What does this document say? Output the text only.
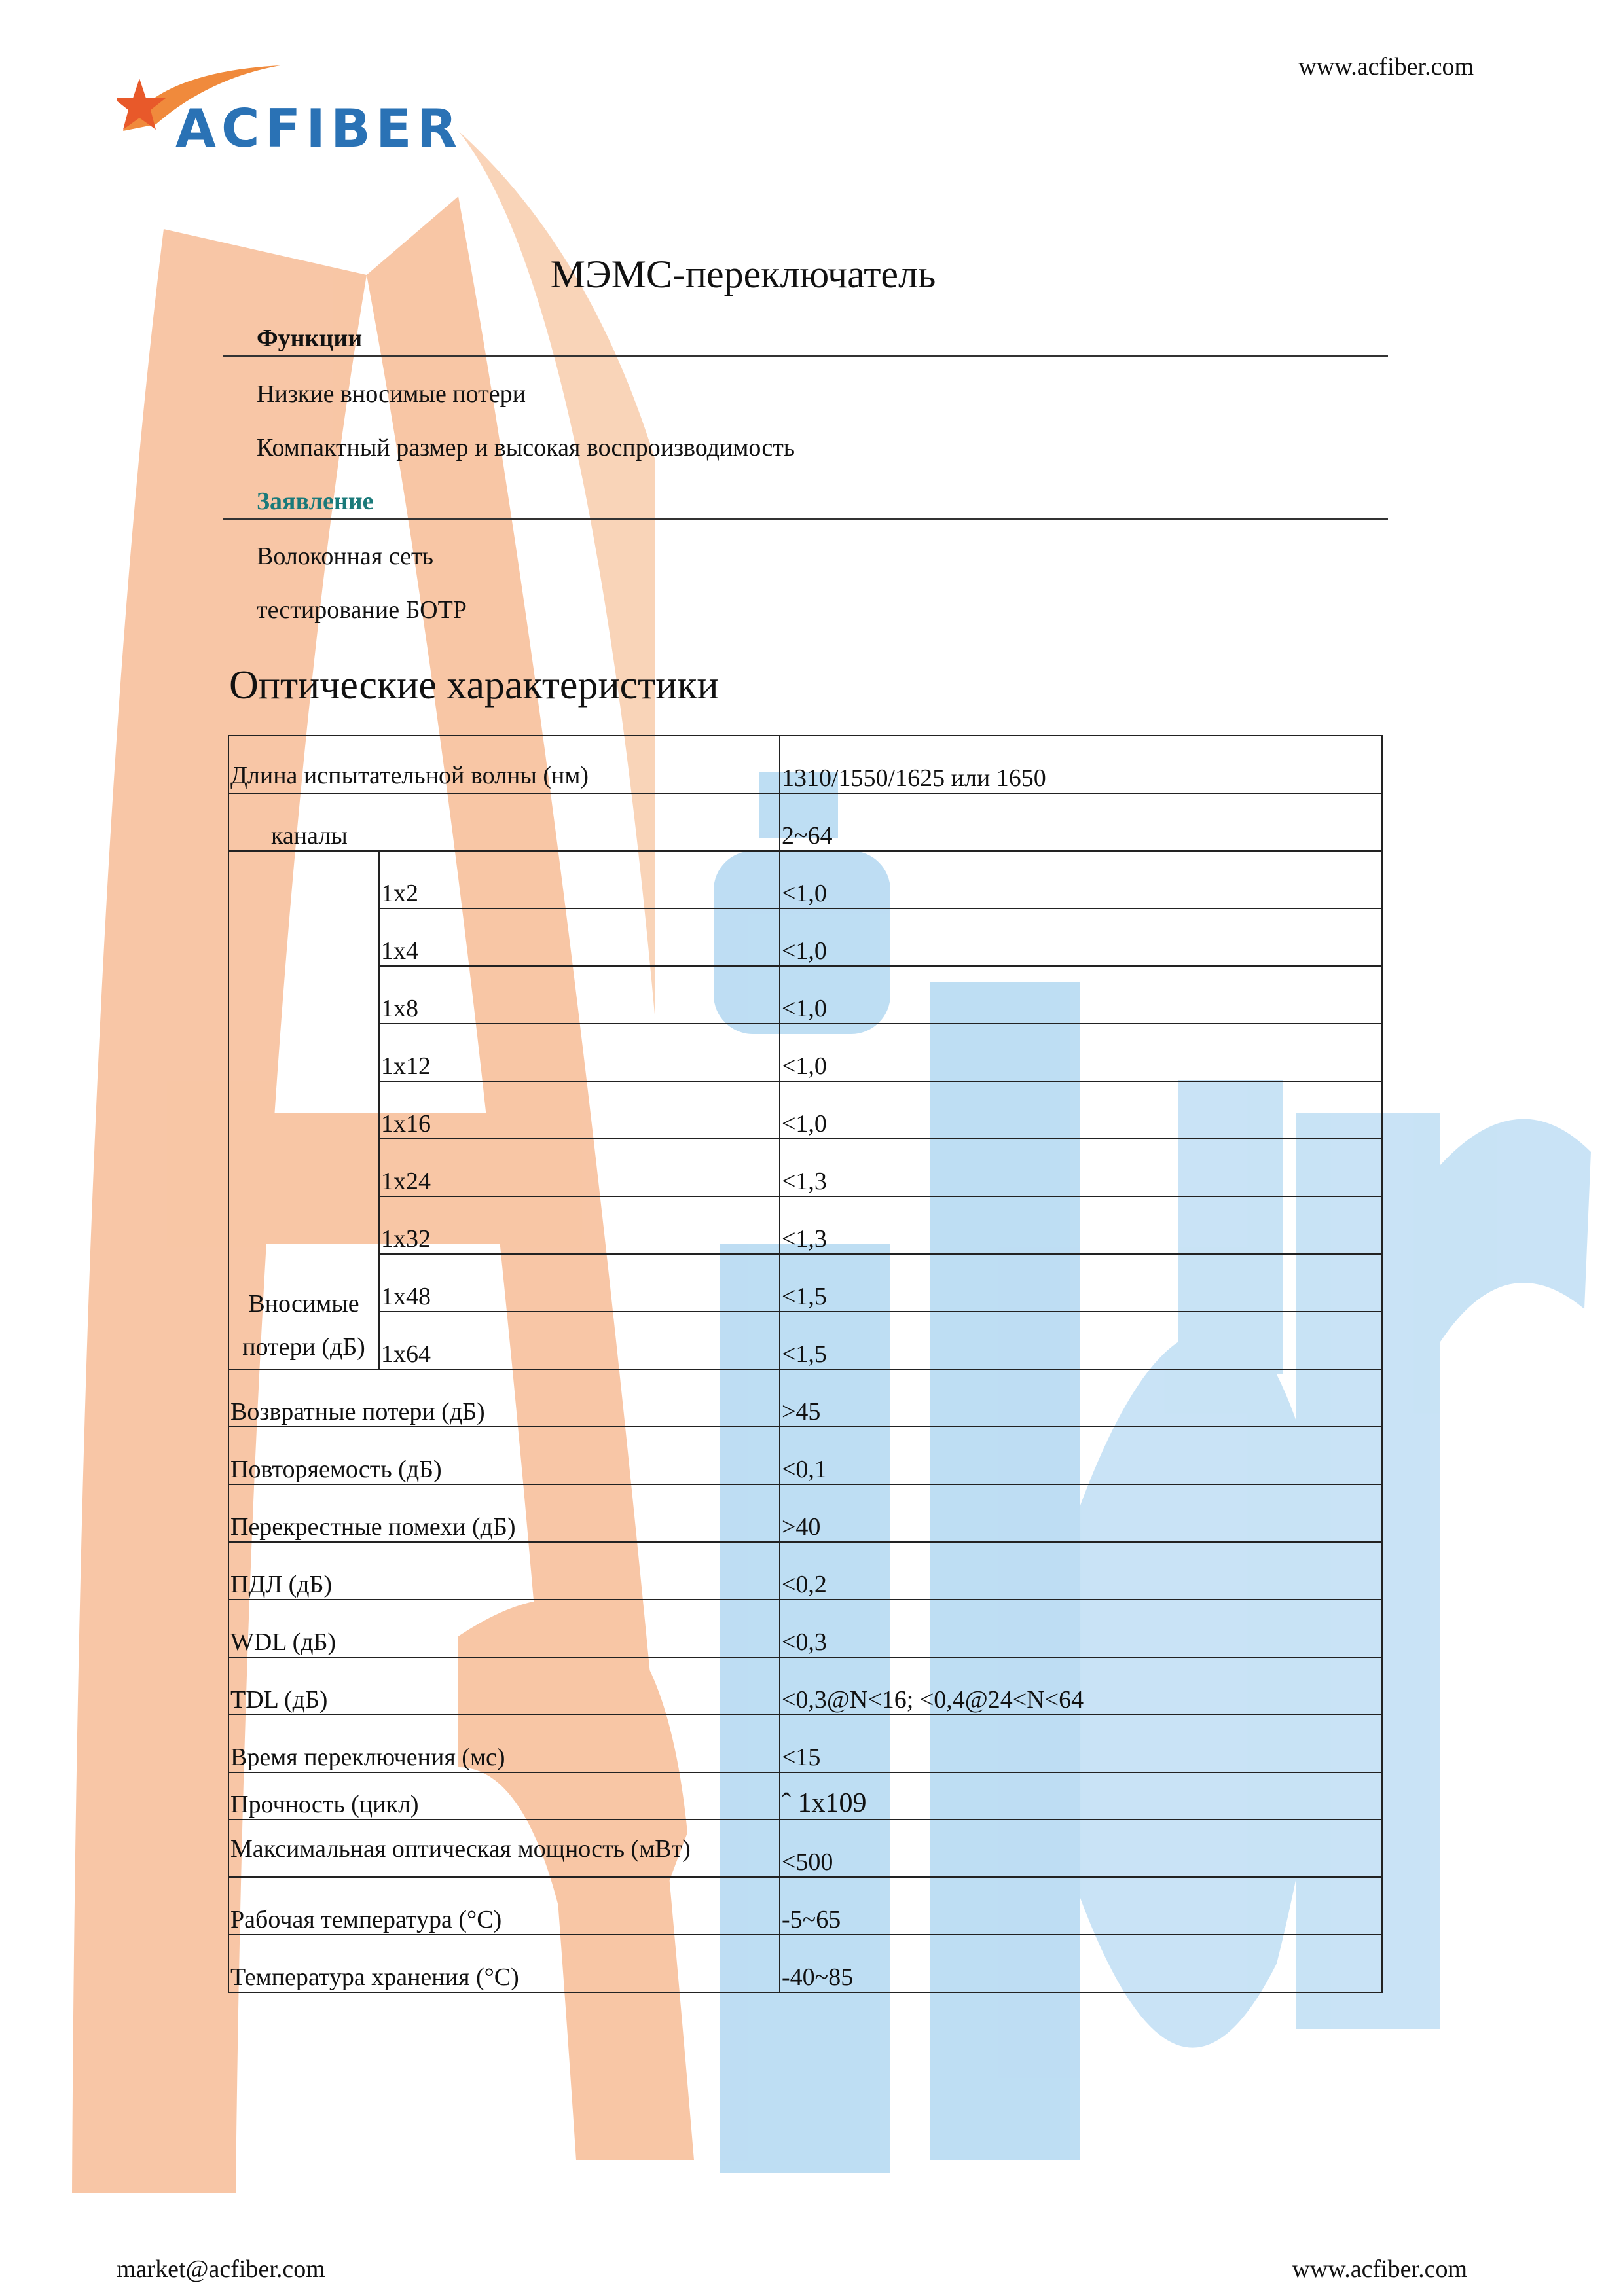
www.acfiber.com
ACFIBER
МЭМС-переключатель
Функции
Низкие вносимые потери
Компактный размер и высокая воспроизводимость
Заявление
Волоконная сеть
тестирование БОТР
Оптические характеристики
Длина испытательной волны (нм)		1310/1550/1625 или 1650
каналы		2~64
Вносимые потери (дБ)	1x2	<1,0
	1x4	<1,0
	1x8	<1,0
	1x12	<1,0
	1x16	<1,0
	1x24	<1,3
	1x32	<1,3
	1x48	<1,5
	1x64	<1,5
Возвратные потери (дБ)		>45
Повторяемость (дБ)		<0,1
Перекрестные помехи (дБ)		>40
ПДЛ (дБ)		<0,2
WDL (дБ)		<0,3
TDL (дБ)		<0,3@N<16; <0,4@24<N<64
Время переключения (мс)		<15
Прочность (цикл)		ˆ 1x109
Максимальная оптическая мощность (мВт)		<500
Рабочая температура (°C)		-5~65
Температура хранения (°C)		-40~85
market@acfiber.com	www.acfiber.com
